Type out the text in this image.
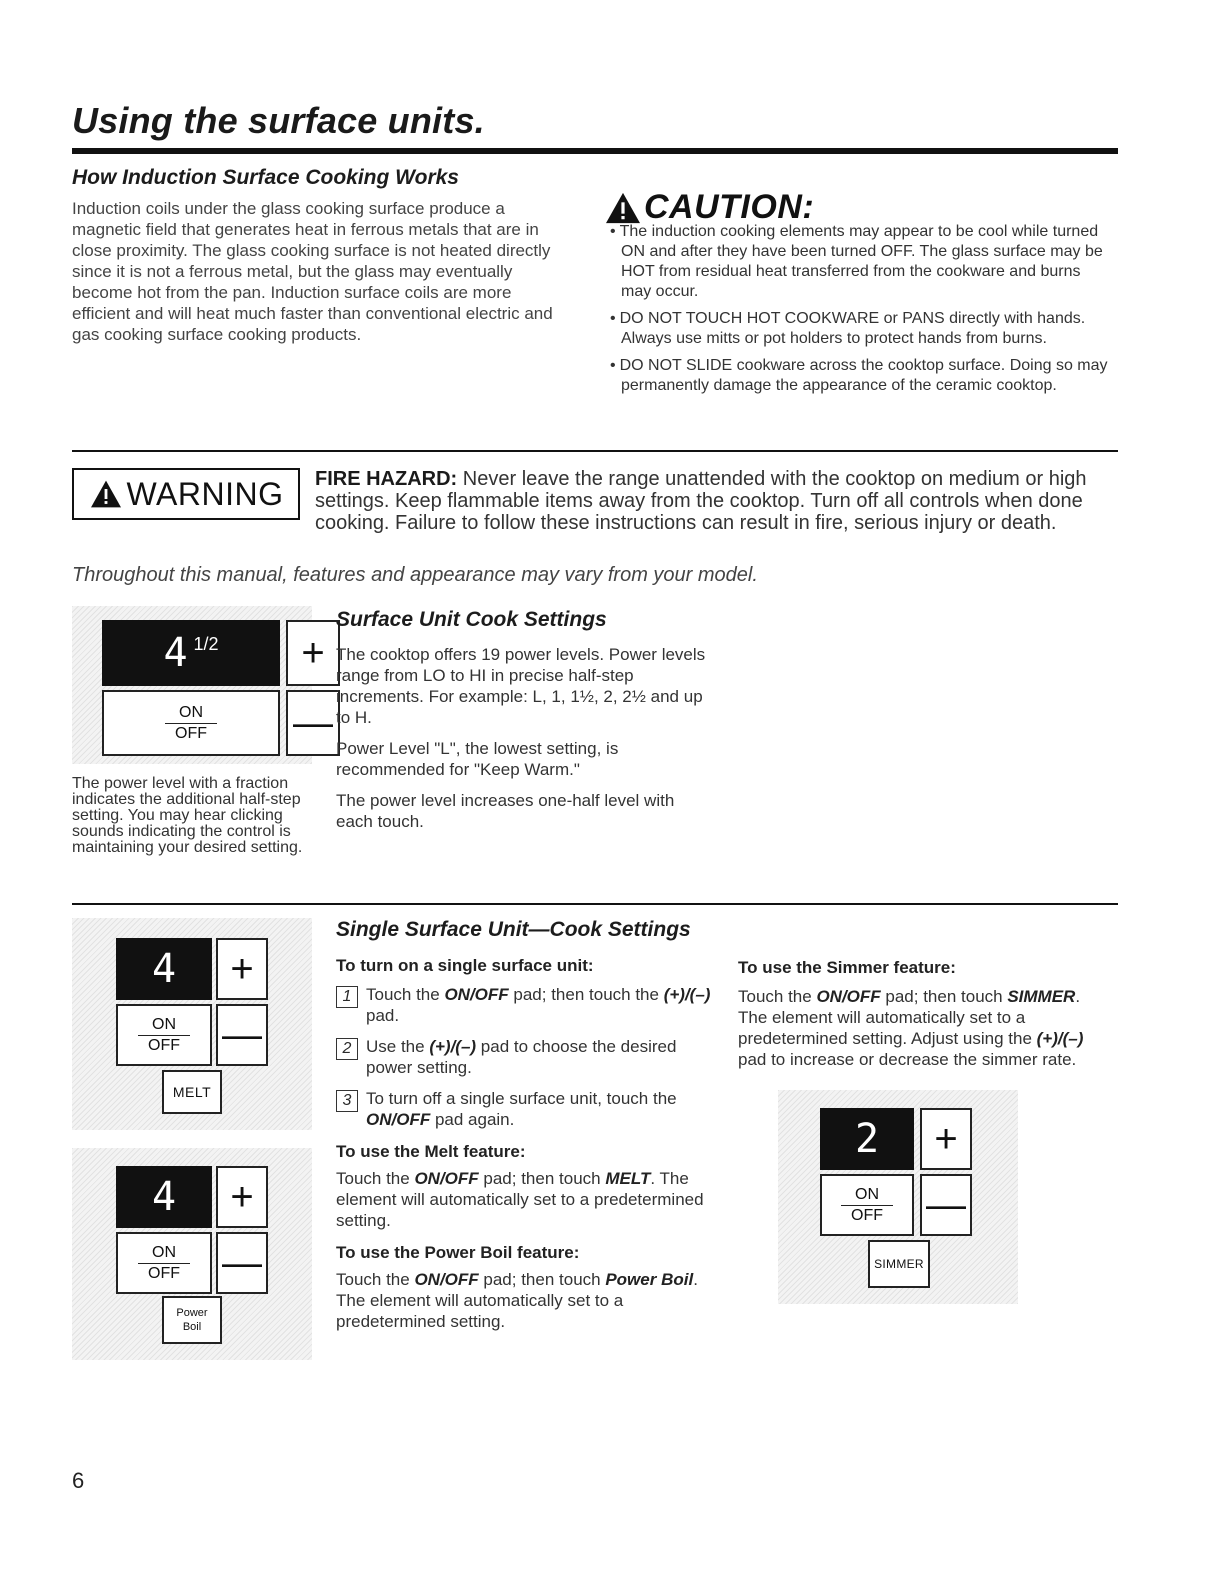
Using the surface units.
How Induction Surface Cooking Works

Induction coils under the glass cooking surface produce a magnetic field that generates heat in ferrous metals that are in close proximity. The glass cooking surface is not heated directly since it is not a ferrous metal, but the glass may eventually become hot from the pan. Induction surface coils are more efficient and will heat much faster than conventional electric and gas cooking surface cooking products.

CAUTION:
• The induction cooking elements may appear to be cool while turned ON and after they have been turned OFF. The glass surface may be HOT from residual heat transferred from the cookware and burns may occur.
• DO NOT TOUCH HOT COOKWARE or PANS directly with hands. Always use mitts or pot holders to protect hands from burns.
• DO NOT SLIDE cookware across the cooktop surface. Doing so may permanently damage the appearance of the ceramic cooktop.
WARNING FIRE HAZARD: Never leave the range unattended with the cooktop on medium or high settings. Keep flammable items away from the cooktop. Turn off all controls when done cooking. Failure to follow these instructions can result in fire, serious injury or death.

Throughout this manual, features and appearance may vary from your model.

4 1/2	+
ON
OFF —

The power level with a fraction indicates the additional half-step setting. You may hear clicking sounds indicating the control is maintaining your desired setting.

Surface Unit Cook Settings

The cooktop offers 19 power levels. Power levels range from LO to HI in precise half-step increments. For example: L, 1, 1½, 2, 2½ and up to H.

Power Level "L", the lowest setting, is recommended for "Keep Warm."

The power level increases one-half level with each touch.

4	+
ON
OFF —
MELT
4	+
ON
OFF —
Power
Boil
Single Surface Unit—Cook Settings

To turn on a single surface unit:

1 Touch the ON/OFF pad; then touch the (+)/(–) pad.
2 Use the (+)/(–) pad to choose the desired power setting.
3 To turn off a single surface unit, touch the ON/OFF pad again.

To use the Melt feature:

Touch the ON/OFF pad; then touch MELT. The element will automatically set to a predetermined setting.

To use the Power Boil feature:

Touch the ON/OFF pad; then touch Power Boil. The element will automatically set to a predetermined setting.

To use the Simmer feature:

Touch the ON/OFF pad; then touch SIMMER. The element will automatically set to a predetermined setting. Adjust using the (+)/(–) pad to increase or decrease the simmer rate.

2	+
ON
OFF —
SIMMER
6
